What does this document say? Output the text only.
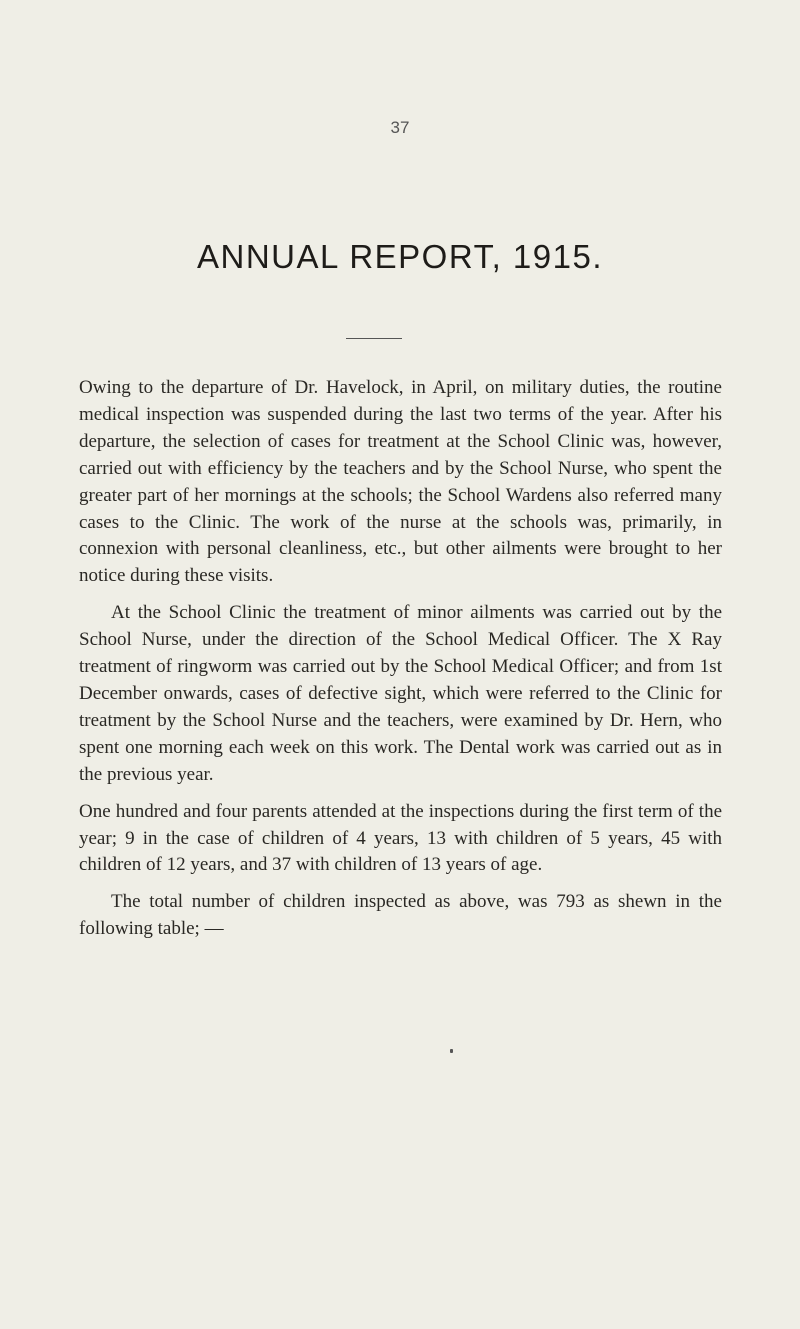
37
ANNUAL REPORT, 1915.

Owing to the departure of Dr. Havelock, in April, on military duties, the routine medical inspection was suspended during the last two terms of the year. After his departure, the selection of cases for treatment at the School Clinic was, however, carried out with efficiency by the teachers and by the School Nurse, who spent the greater part of her mornings at the schools; the School Wardens also referred many cases to the Clinic. The work of the nurse at the schools was, primarily, in connexion with personal cleanliness, etc., but other ailments were brought to her notice during these visits.

At the School Clinic the treatment of minor ailments was carried out by the School Nurse, under the direction of the School Medical Officer. The X Ray treatment of ringworm was carried out by the School Medical Officer; and from 1st December onwards, cases of defective sight, which were referred to the Clinic for treatment by the School Nurse and the teachers, were examined by Dr. Hern, who spent one morning each week on this work. The Dental work was carried out as in the previous year.

One hundred and four parents attended at the inspections during the first term of the year; 9 in the case of children of 4 years, 13 with children of 5 years, 45 with children of 12 years, and 37 with children of 13 years of age.

The total number of children inspected as above, was 793 as shewn in the following table; —
